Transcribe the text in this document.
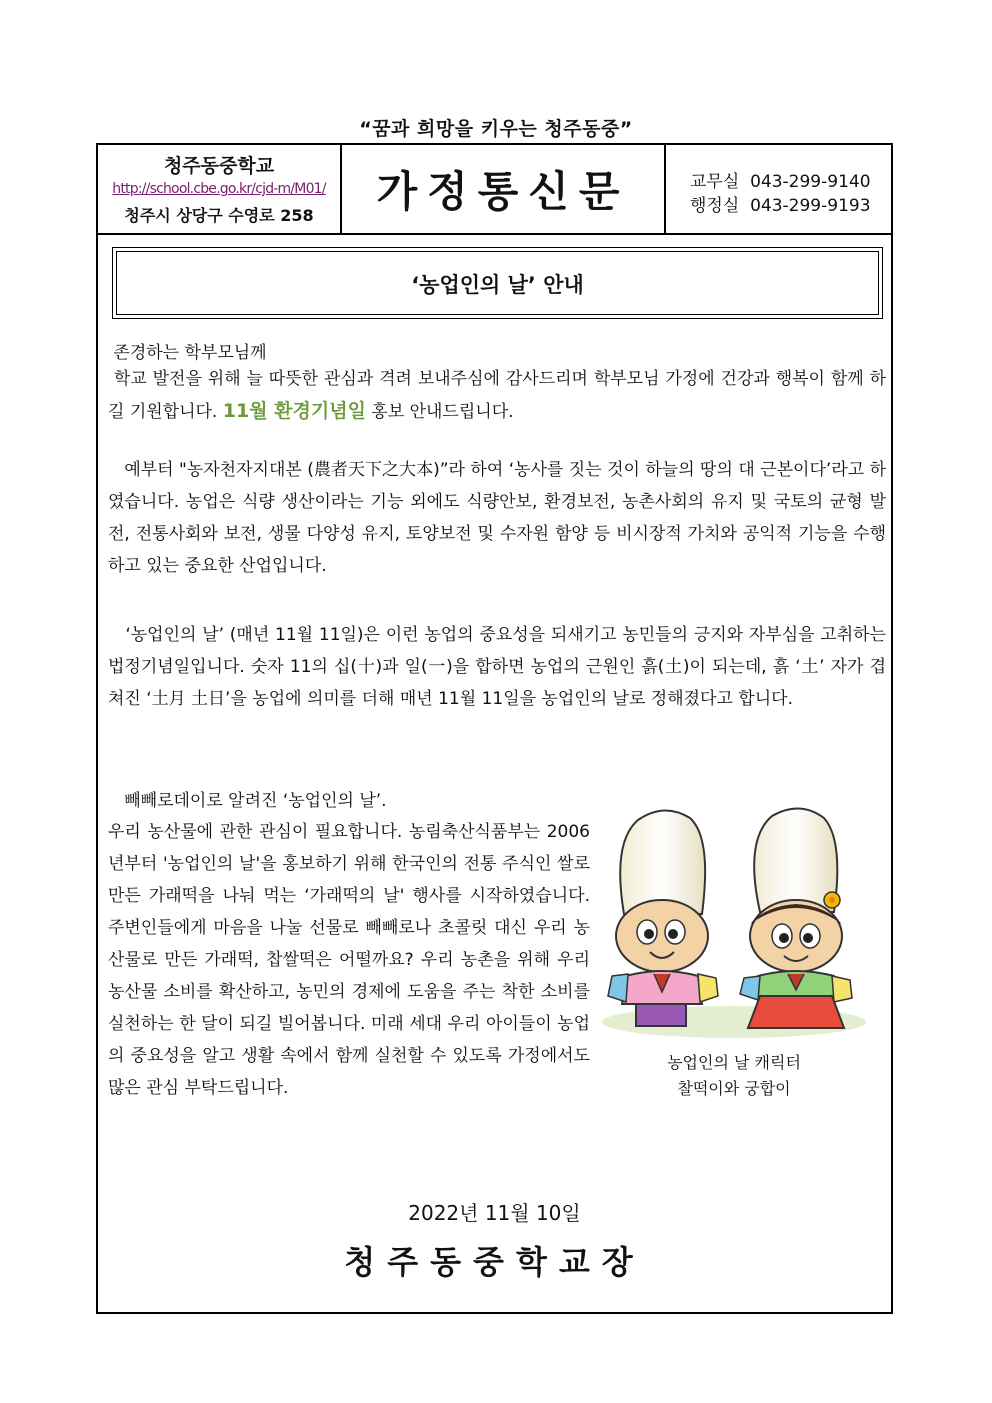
“꿈과 희망을 키우는 청주동중”
청주동중학교
http://school.cbe.go.kr/cjd-m/M01/
청주시 상당구 수영로 258	가정통신문	교무실 043-299-9140
행정실 043-299-9193
‘농업인의 날’ 안내
존경하는 학부모님께
학교 발전을 위해 늘 따뜻한 관심과 격려 보내주심에 감사드리며 학부모님 가정에 건강과 행복이 함께 하길 기원합니다. 11월 환경기념일 홍보 안내드립니다.
예부터 "농자천자지대본 (農者天下之大本)”라 하여 ‘농사를 짓는 것이 하늘의 땅의 대 근본이다’라고 하였습니다. 농업은 식량 생산이라는 기능 외에도 식량안보, 환경보전, 농촌사회의 유지 및 국토의 균형 발전, 전통사회와 보전, 생물 다양성 유지, 토양보전 및 수자원 함양 등 비시장적 가치와 공익적 기능을 수행하고 있는 중요한 산업입니다.
‘농업인의 날’ (매년 11월 11일)은 이런 농업의 중요성을 되새기고 농민들의 긍지와 자부심을 고취하는 법정기념일입니다. 숫자 11의 십(十)과 일(一)을 합하면 농업의 근원인 흙(土)이 되는데, 흙 ‘土’ 자가 겹쳐진 ‘土月 土日’을 농업에 의미를 더해 매년 11월 11일을 농업인의 날로 정해졌다고 합니다.
빼빼로데이로 알려진 ‘농업인의 날’.
우리 농산물에 관한 관심이 필요합니다. 농림축산식품부는 2006년부터 '농업인의 날'을 홍보하기 위해 한국인의 전통 주식인 쌀로 만든 가래떡을 나눠 먹는 ‘가래떡의 날' 행사를 시작하였습니다. 주변인들에게 마음을 나눌 선물로 빼빼로나 초콜릿 대신 우리 농산물로 만든 가래떡, 찹쌀떡은 어떨까요? 우리 농촌을 위해 우리 농산물 소비를 확산하고, 농민의 경제에 도움을 주는 착한 소비를 실천하는 한 달이 되길 빌어봅니다. 미래 세대 우리 아이들이 농업의 중요성을 알고 생활 속에서 함께 실천할 수 있도록 가정에서도 많은 관심 부탁드립니다.
농업인의 날 캐릭터
찰떡이와 궁합이
2022년 11월 10일
청주동중학교장
